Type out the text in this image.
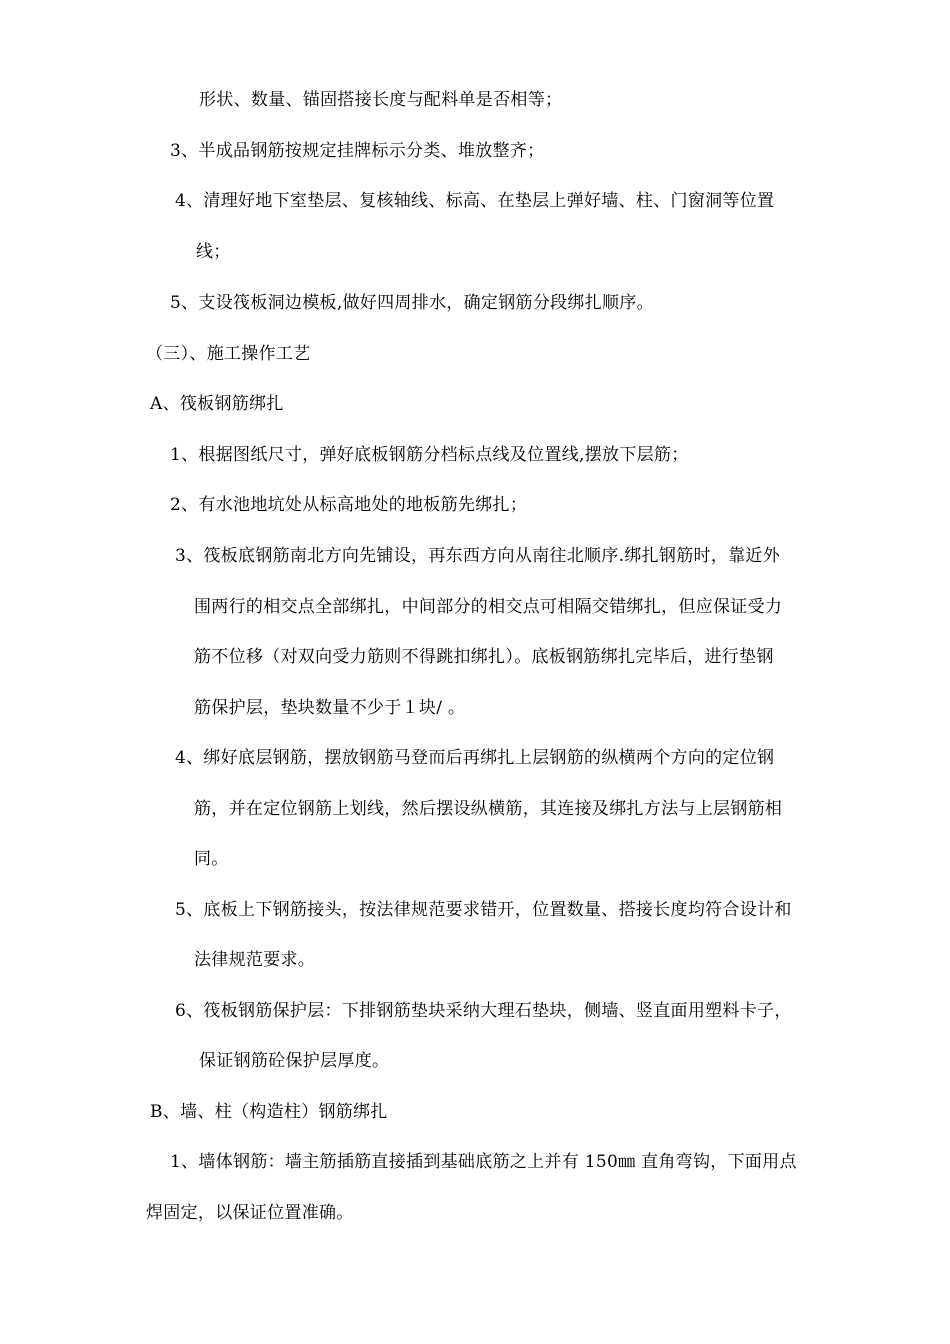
形状、数量、锚固搭接长度与配料单是否相等；
3、半成品钢筋按规定挂牌标示分类、堆放整齐；
4、清理好地下室垫层、复核轴线、标高、在垫层上弹好墙、柱、门窗洞等位置
线；
5、支设筏板洞边模板,做好四周排水，确定钢筋分段绑扎顺序。
（三）、施工操作工艺
A、筏板钢筋绑扎
1、根据图纸尺寸，弹好底板钢筋分档标点线及位置线,摆放下层筋；
2、有水池地坑处从标高地处的地板筋先绑扎；
3、筏板底钢筋南北方向先铺设，再东西方向从南往北顺序.绑扎钢筋时，靠近外
围两行的相交点全部绑扎，中间部分的相交点可相隔交错绑扎，但应保证受力
筋不位移（对双向受力筋则不得跳扣绑扎）。底板钢筋绑扎完毕后，进行垫钢
筋保护层，垫块数量不少于１块/ 。
4、绑好底层钢筋，摆放钢筋马登而后再绑扎上层钢筋的纵横两个方向的定位钢
筋，并在定位钢筋上划线，然后摆设纵横筋，其连接及绑扎方法与上层钢筋相
同。
5、底板上下钢筋接头，按法律规范要求错开，位置数量、搭接长度均符合设计和
法律规范要求。
6、筏板钢筋保护层：下排钢筋垫块采纳大理石垫块，侧墙、竖直面用塑料卡子，
保证钢筋砼保护层厚度。
B、墙、柱（构造柱）钢筋绑扎
1、墙体钢筋：墙主筋插筋直接插到基础底筋之上并有 150㎜ 直角弯钩，下面用点
焊固定，以保证位置准确。
